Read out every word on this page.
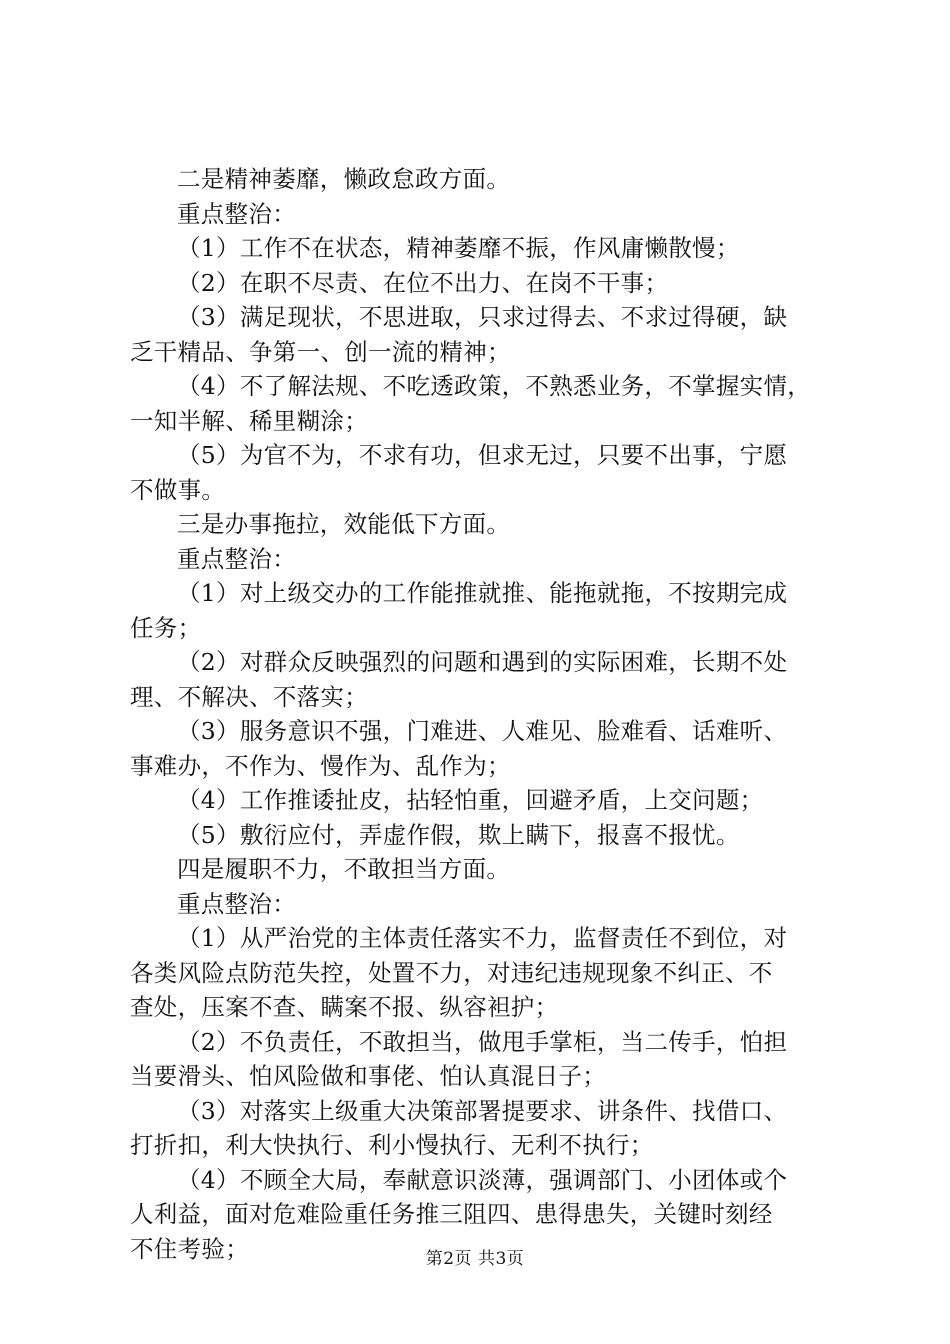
二是精神萎靡，懒政怠政方面。
重点整治：
（1）工作不在状态，精神萎靡不振，作风庸懒散慢；
（2）在职不尽责、在位不出力、在岗不干事；
（3）满足现状，不思进取，只求过得去、不求过得硬，缺
乏干精品、争第一、创一流的精神；
（4）不了解法规、不吃透政策，不熟悉业务，不掌握实情，
一知半解、稀里糊涂；
（5）为官不为，不求有功，但求无过，只要不出事，宁愿
不做事。
三是办事拖拉，效能低下方面。
重点整治：
（1）对上级交办的工作能推就推、能拖就拖，不按期完成
任务；
（2）对群众反映强烈的问题和遇到的实际困难，长期不处
理、不解决、不落实；
（3）服务意识不强，门难进、人难见、脸难看、话难听、
事难办，不作为、慢作为、乱作为；
（4）工作推诿扯皮，拈轻怕重，回避矛盾，上交问题；
（5）敷衍应付，弄虚作假，欺上瞒下，报喜不报忧。
四是履职不力，不敢担当方面。
重点整治：
（1）从严治党的主体责任落实不力，监督责任不到位，对
各类风险点防范失控，处置不力，对违纪违规现象不纠正、不
查处，压案不查、瞒案不报、纵容袒护；
（2）不负责任，不敢担当，做甩手掌柜，当二传手，怕担
当要滑头、怕风险做和事佬、怕认真混日子；
（3）对落实上级重大决策部署提要求、讲条件、找借口、
打折扣，利大快执行、利小慢执行、无利不执行；
（4）不顾全大局，奉献意识淡薄，强调部门、小团体或个
人利益，面对危难险重任务推三阻四、患得患失，关键时刻经
不住考验；	第2页 共3页
